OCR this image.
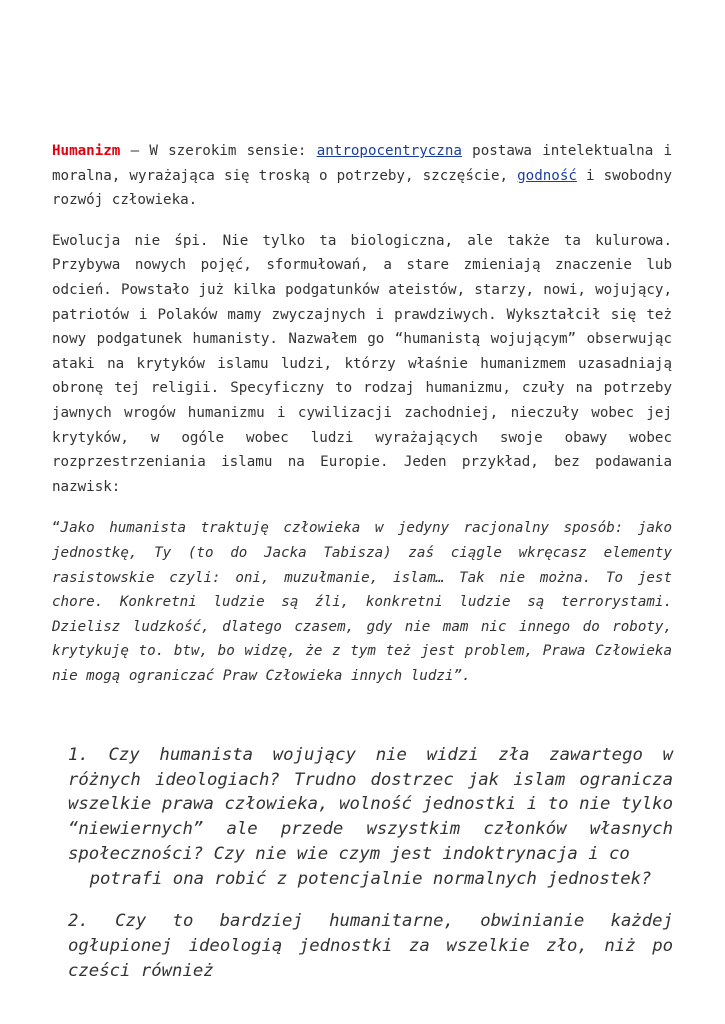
Humanizm – W szerokim sensie: antropocentryczna postawa intelektualna i moralna, wyrażająca się troską o potrzeby, szczęście, godność i swobodny rozwój człowieka.

Ewolucja nie śpi. Nie tylko ta biologiczna, ale także ta kulurowa. Przybywa nowych pojęć, sformułowań, a stare zmieniają znaczenie lub odcień. Powstało już kilka podgatunków ateistów, starzy, nowi, wojujący, patriotów i Polaków mamy zwyczajnych i prawdziwych. Wykształcił się też nowy podgatunek humanisty. Nazwałem go “humanistą wojującym” obserwując ataki na krytyków islamu ludzi, którzy właśnie humanizmem uzasadniają obronę tej religii. Specyficzny to rodzaj humanizmu, czuły na potrzeby jawnych wrogów humanizmu i cywilizacji zachodniej, nieczuły wobec jej krytyków, w ogóle wobec ludzi wyrażających swoje obawy wobec rozprzestrzeniania islamu na Europie. Jeden przykład, bez podawania nazwisk:

“Jako humanista traktuję człowieka w jedyny racjonalny sposób: jako jednostkę, Ty (to do Jacka Tabisza) zaś ciągle wkręcasz elementy rasistowskie czyli: oni, muzułmanie, islam… Tak nie można. To jest chore. Konkretni ludzie są źli, konkretni ludzie są terrorystami. Dzielisz ludzkość, dlatego czasem, gdy nie mam nic innego do roboty, krytykuję to. btw, bo widzę, że z tym też jest problem, Prawa Człowieka nie mogą ograniczać Praw Człowieka innych ludzi”.

1. Czy humanista wojujący nie widzi zła zawartego w różnych ideologiach? Trudno dostrzec jak islam ogranicza wszelkie prawa człowieka, wolność jednostki i to nie tylko “niewiernych” ale przede wszystkim członków własnych społeczności? Czy nie wie czym jest indoktrynacja i co
potrafi ona robić z potencjalnie normalnych jednostek?

2. Czy to bardziej humanitarne, obwinianie każdej ogłupionej ideologią jednostki za wszelkie zło, niż po cześci również
